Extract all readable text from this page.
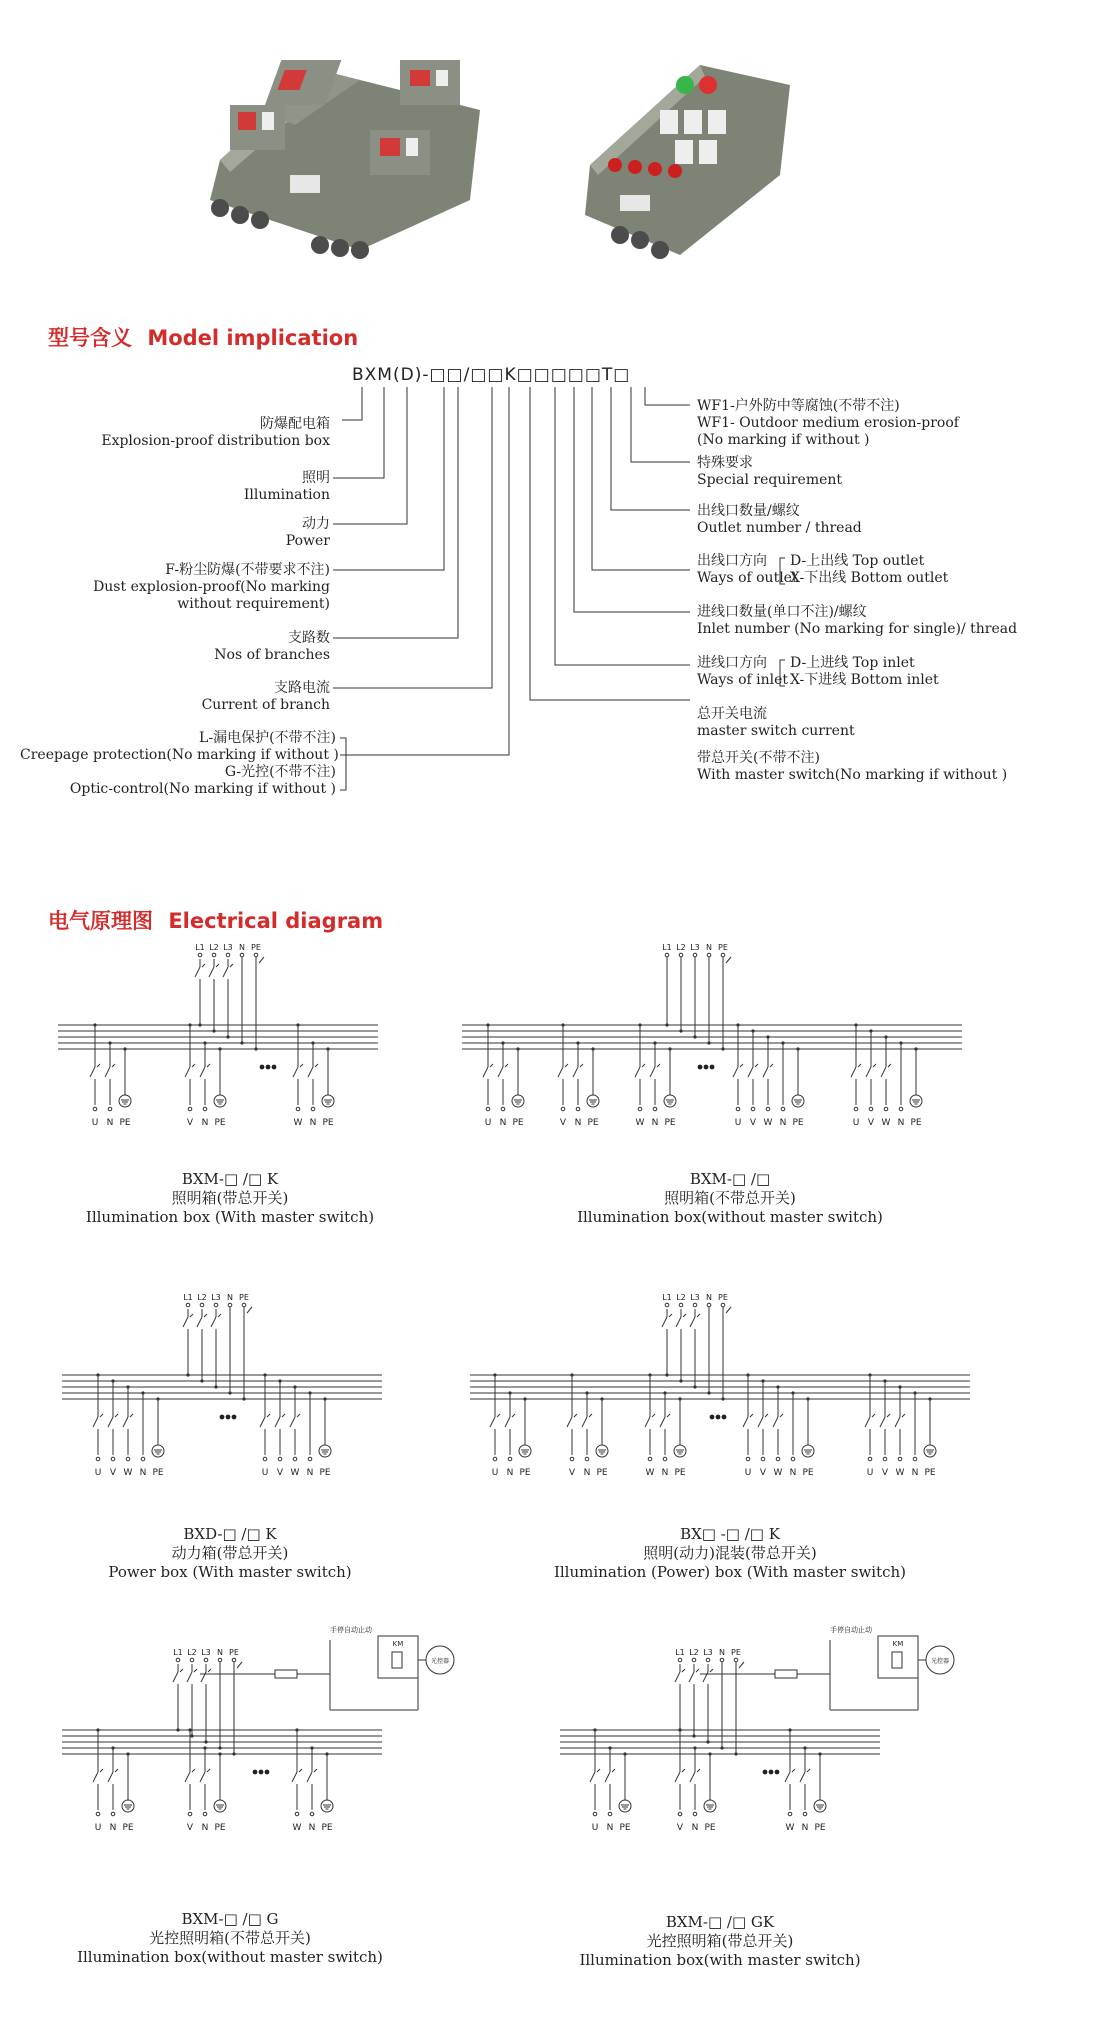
型号含义 Model implication
BXM(D)-□□/□□K□□□□□T□
防爆配电箱
Explosion-proof distribution box
照明
Illumination
动力
Power
F-粉尘防爆(不带要求不注)
Dust explosion-proof(No marking
without requirement)
支路数
Nos of branches
支路电流
Current of branch
L-漏电保护(不带不注)
Creepage protection(No marking if without )
G-光控(不带不注)
Optic-control(No marking if without )
WF1-户外防中等腐蚀(不带不注)
WF1- Outdoor medium erosion-proof
(No marking if without )
特殊要求
Special requirement
出线口数量/螺纹
Outlet number / thread
出线口方向
Ways of outlet
D-上出线 Top outlet
X-下出线 Bottom outlet
进线口数量(单口不注)/螺纹
Inlet number (No marking for single)/ thread
进线口方向
Ways of inlet
D-上进线 Top inlet
X-下进线 Bottom inlet
总开关电流
master switch current
带总开关(不带不注)
With master switch(No marking if without )
电气原理图 Electrical diagram
L1 L2 L3 N PE
U N PE	V N PE	W N PE
L1 L2 L3 N PE
U N PE	V N PE	W N PE	U V W N PE	U V W N PE
L1 L2 L3 N PE
U V W N PE	U V W N PE
L1 L2 L3 N PE
U N PE	V N PE	W N PE	U V W N PE	U V W N PE
L1 L2 L3 N PE
U N PE	V N PE	W N PE
L1 L2 L3 N PE
U N PE	V N PE	W N PE
手停自动止动
KM
光控器
手停自动止动
KM
光控器
BXM-□ /□ K
照明箱(带总开关)
Illumination box (With master switch)
BXM-□ /□
照明箱(不带总开关)
Illumination box(without master switch)
BXD-□ /□ K
动力箱(带总开关)
Power box (With master switch)
BX□ -□ /□ K
照明(动力)混装(带总开关)
Illumination (Power) box (With master switch)
BXM-□ /□ G
光控照明箱(不带总开关)
Illumination box(without master switch)
BXM-□ /□ GK
光控照明箱(带总开关)
Illumination box(with master switch)
